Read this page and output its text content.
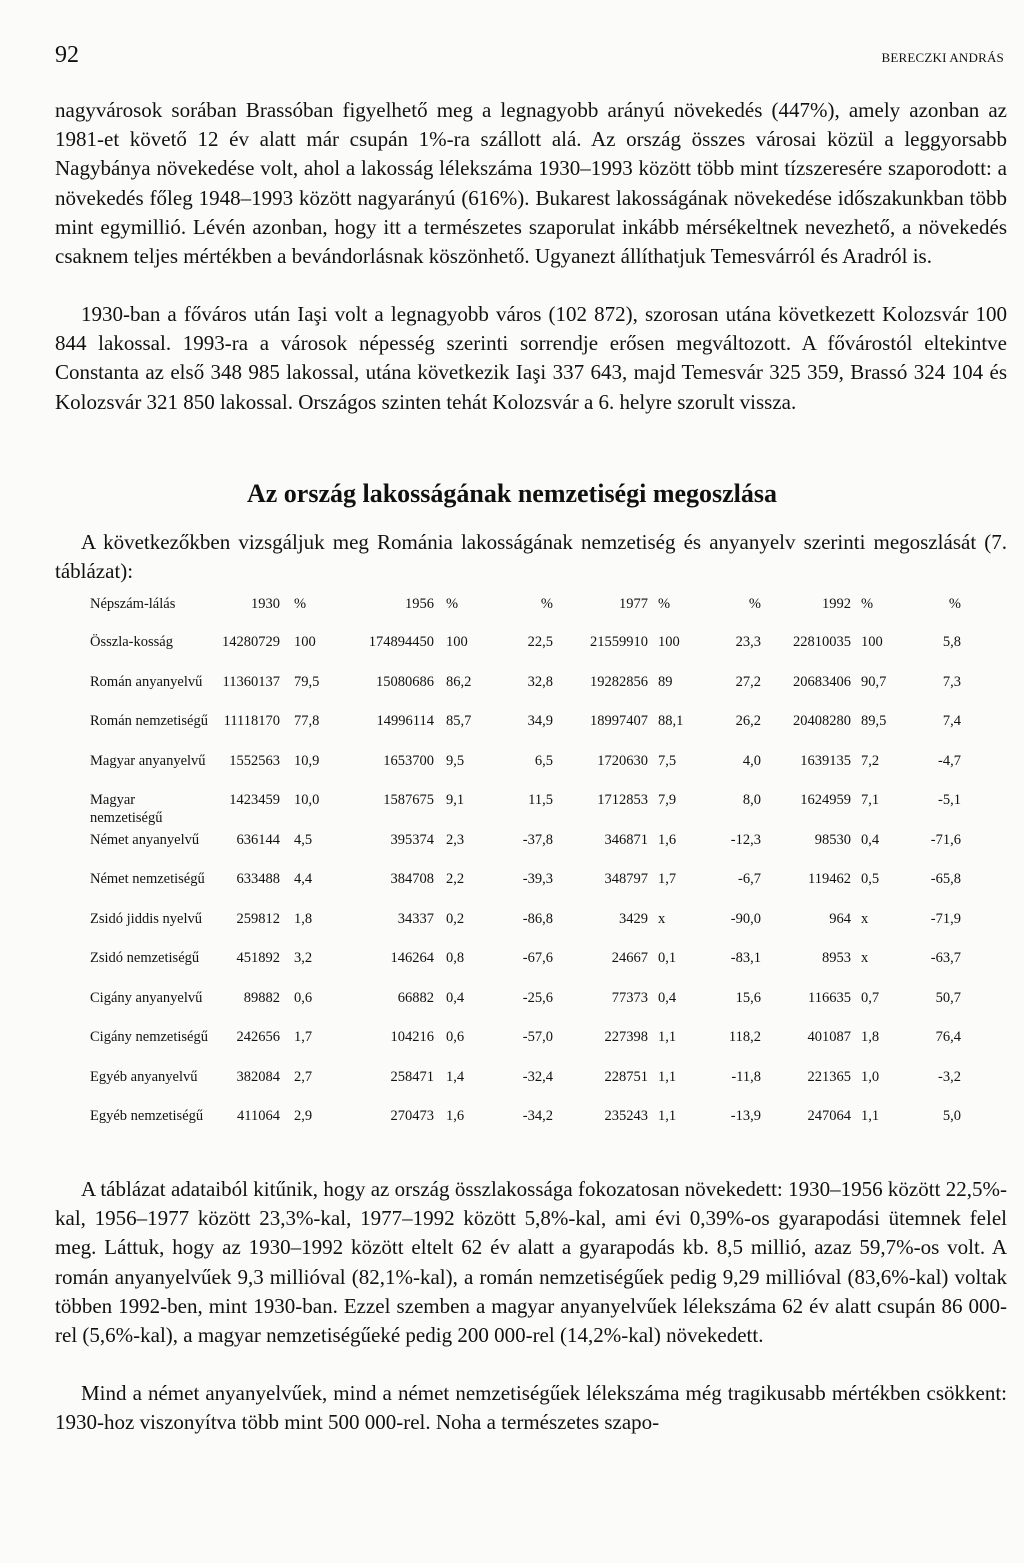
92	BERECZKI ANDRÁS

nagyvárosok sorában Brassóban figyelhető meg a legnagyobb arányú növekedés (447%), amely azonban az 1981-et követő 12 év alatt már csupán 1%-ra szállott alá. Az ország összes városai közül a leggyorsabb Nagybánya növekedése volt, ahol a lakosság lélekszáma 1930–1993 között több mint tízszeresére szaporodott: a növekedés főleg 1948–1993 között nagyarányú (616%). Bukarest lakosságának növekedése időszakunkban több mint egymillió. Lévén azonban, hogy itt a természetes szaporulat inkább mérsékeltnek nevezhető, a növekedés csaknem teljes mértékben a bevándorlásnak köszönhető. Ugyanezt állíthatjuk Temesvárról és Aradról is.

1930-ban a főváros után Iaşi volt a legnagyobb város (102 872), szorosan utána következett Kolozsvár 100 844 lakossal. 1993-ra a városok népesség szerinti sorrendje erősen megváltozott. A fővárostól eltekintve Constanta az első 348 985 lakossal, utána következik Iaşi 337 643, majd Temesvár 325 359, Brassó 324 104 és Kolozsvár 321 850 lakossal. Országos szinten tehát Kolozsvár a 6. helyre szorult vissza.

Az ország lakosságának nemzetiségi megoszlása

A következőkben vizsgáljuk meg Románia lakosságának nemzetiség és anyanyelv szerinti megoszlását (7. táblázat):

Népszám-lálás	1930	%	1956	%	%	1977	%	%	1992	%	%
Összla-kosság	14280729	100	174894450	100	22,5	21559910	100	23,3	22810035	100	5,8
Román anyanyelvű	11360137	79,5	15080686	86,2	32,8	19282856	89	27,2	20683406	90,7	7,3
Román nemzetiségű	11118170	77,8	14996114	85,7	34,9	18997407	88,1	26,2	20408280	89,5	7,4
Magyar anyanyelvű	1552563	10,9	1653700	9,5	6,5	1720630	7,5	4,0	1639135	7,2	-4,7
Magyar nemzetiségű	1423459	10,0	1587675	9,1	11,5	1712853	7,9	8,0	1624959	7,1	-5,1
Német anyanyelvű	636144	4,5	395374	2,3	-37,8	346871	1,6	-12,3	98530	0,4	-71,6
Német nemzetiségű	633488	4,4	384708	2,2	-39,3	348797	1,7	-6,7	119462	0,5	-65,8
Zsidó jiddis nyelvű	259812	1,8	34337	0,2	-86,8	3429	x	-90,0	964	x	-71,9
Zsidó nemzetiségű	451892	3,2	146264	0,8	-67,6	24667	0,1	-83,1	8953	x	-63,7
Cigány anyanyelvű	89882	0,6	66882	0,4	-25,6	77373	0,4	15,6	116635	0,7	50,7
Cigány nemzetiségű	242656	1,7	104216	0,6	-57,0	227398	1,1	118,2	401087	1,8	76,4
Egyéb anyanyelvű	382084	2,7	258471	1,4	-32,4	228751	1,1	-11,8	221365	1,0	-3,2
Egyéb nemzetiségű	411064	2,9	270473	1,6	-34,2	235243	1,1	-13,9	247064	1,1	5,0

A táblázat adataiból kitűnik, hogy az ország összlakossága fokozatosan növekedett: 1930–1956 között 22,5%-kal, 1956–1977 között 23,3%-kal, 1977–1992 között 5,8%-kal, ami évi 0,39%-os gyarapodási ütemnek felel meg. Láttuk, hogy az 1930–1992 között eltelt 62 év alatt a gyarapodás kb. 8,5 millió, azaz 59,7%-os volt. A román anyanyelvűek 9,3 millióval (82,1%-kal), a román nemzetiségűek pedig 9,29 millióval (83,6%-kal) voltak többen 1992-ben, mint 1930-ban. Ezzel szemben a magyar anyanyelvűek lélekszáma 62 év alatt csupán 86 000-rel (5,6%-kal), a magyar nemzetiségűeké pedig 200 000-rel (14,2%-kal) növekedett.

Mind a német anyanyelvűek, mind a német nemzetiségűek lélekszáma még tragikusabb mértékben csökkent: 1930-hoz viszonyítva több mint 500 000-rel. Noha a természetes szapo-
